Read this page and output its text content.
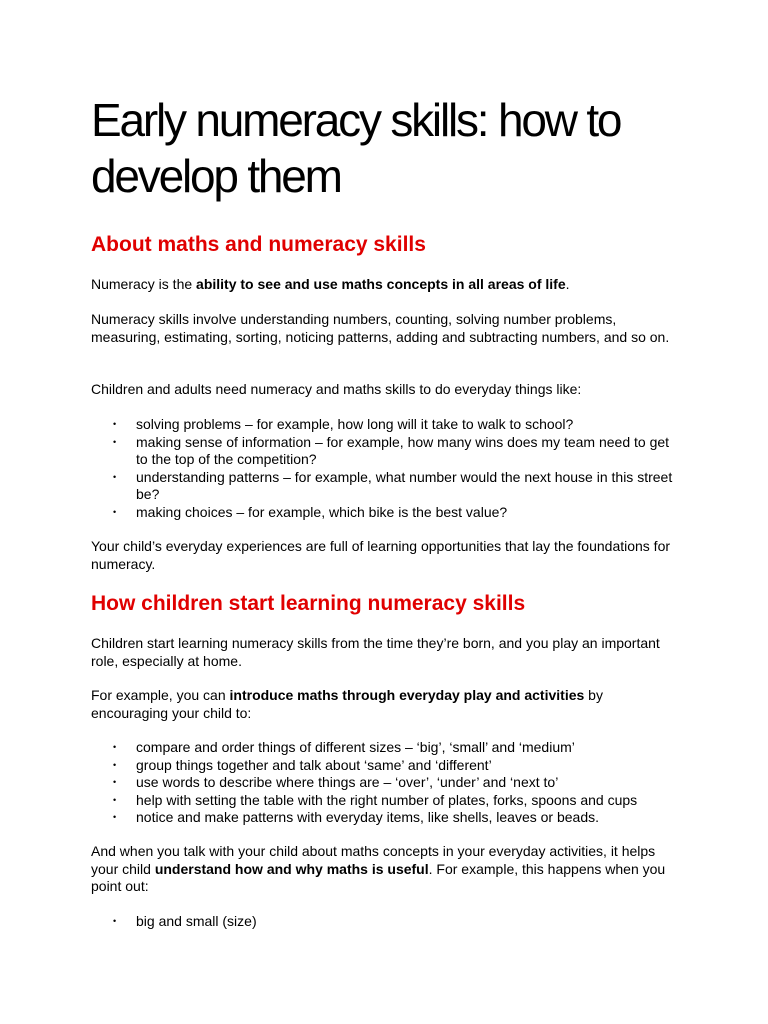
Early numeracy skills: how to develop them
About maths and numeracy skills

Numeracy is the ability to see and use maths concepts in all areas of life.

Numeracy skills involve understanding numbers, counting, solving number problems, measuring, estimating, sorting, noticing patterns, adding and subtracting numbers, and so on.

Children and adults need numeracy and maths skills to do everyday things like:

• solving problems – for example, how long will it take to walk to school?
• making sense of information – for example, how many wins does my team need to get to the top of the competition?
• understanding patterns – for example, what number would the next house in this street be?
• making choices – for example, which bike is the best value?

Your child’s everyday experiences are full of learning opportunities that lay the foundations for numeracy.

How children start learning numeracy skills

Children start learning numeracy skills from the time they’re born, and you play an important role, especially at home.

For example, you can introduce maths through everyday play and activities by encouraging your child to:

• compare and order things of different sizes – ‘big’, ‘small’ and ‘medium’
• group things together and talk about ‘same’ and ‘different’
• use words to describe where things are – ‘over’, ‘under’ and ‘next to’
• help with setting the table with the right number of plates, forks, spoons and cups
• notice and make patterns with everyday items, like shells, leaves or beads.

And when you talk with your child about maths concepts in your everyday activities, it helps your child understand how and why maths is useful. For example, this happens when you point out:

• big and small (size)
